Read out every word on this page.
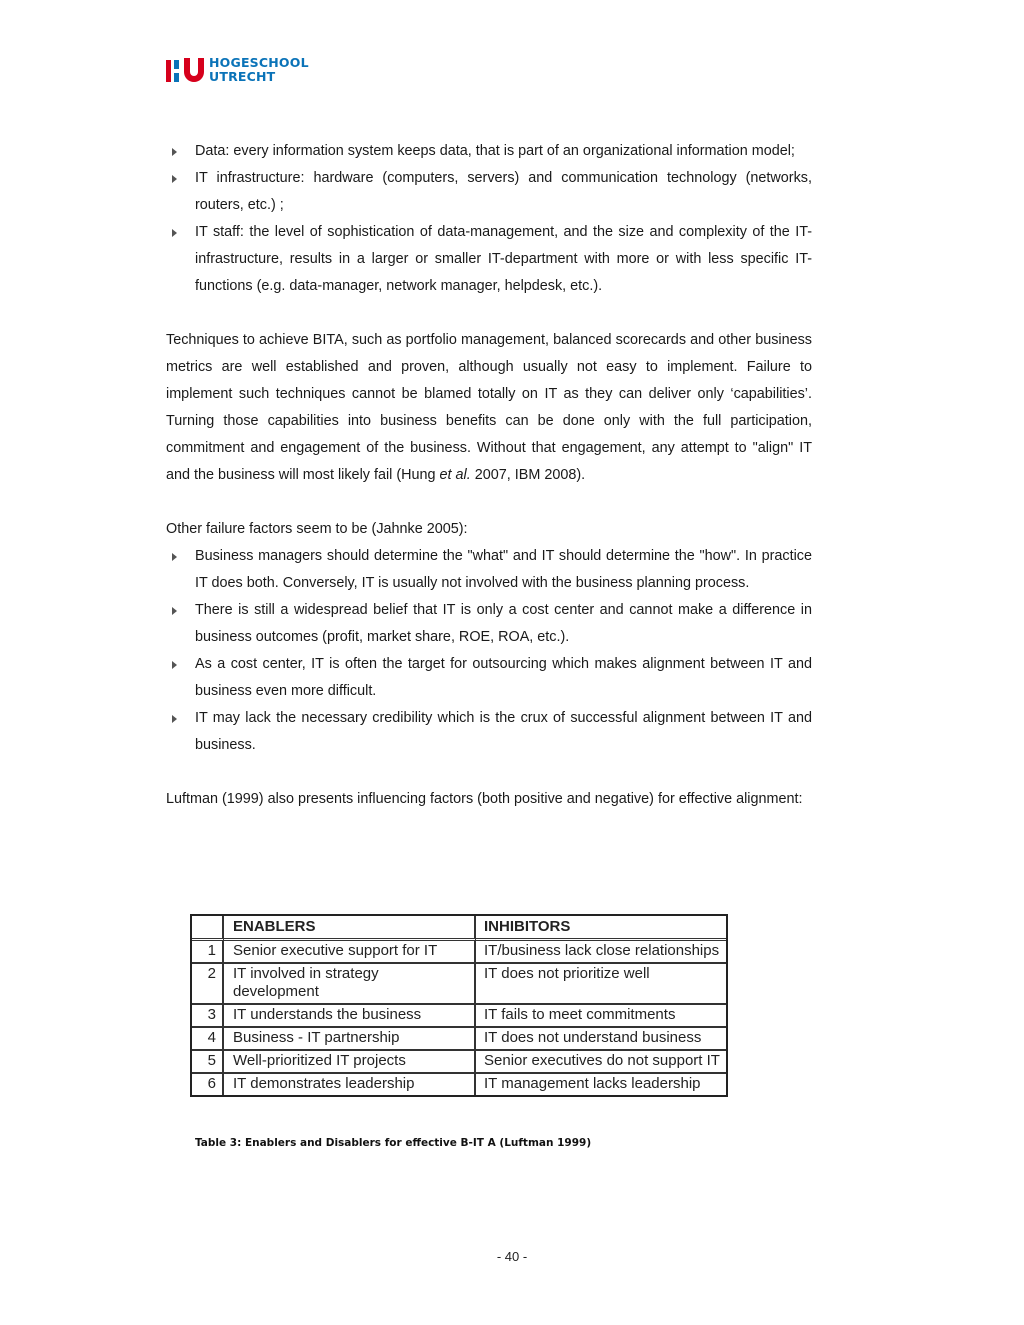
HOGESCHOOL
UTRECHT
Data: every information system keeps data, that is part of an organizational information model;
IT infrastructure: hardware (computers, servers) and communication technology (networks, routers, etc.) ;
IT staff: the level of sophistication of data-management, and the size and complexity of the IT-infrastructure, results in a larger or smaller IT-department with more or with less specific IT-functions (e.g. data-manager, network manager, helpdesk, etc.).

Techniques to achieve BITA, such as portfolio management, balanced scorecards and other business metrics are well established and proven, although usually not easy to implement. Failure to implement such techniques cannot be blamed totally on IT as they can deliver only ‘capabilities’. Turning those capabilities into business benefits can be done only with the full participation, commitment and engagement of the business. Without that engagement, any attempt to "align" IT and the business will most likely fail (Hung et al. 2007, IBM 2008).

Other failure factors seem to be (Jahnke 2005):

Business managers should determine the "what" and IT should determine the "how". In practice IT does both. Conversely, IT is usually not involved with the business planning process.
There is still a widespread belief that IT is only a cost center and cannot make a difference in business outcomes (profit, market share, ROE, ROA, etc.).
As a cost center, IT is often the target for outsourcing which makes alignment between IT and business even more difficult.
IT may lack the necessary credibility which is the crux of successful alignment between IT and business.

Luftman (1999) also presents influencing factors (both positive and negative) for effective alignment:

	ENABLERS	INHIBITORS
1	Senior executive support for IT	IT/business lack close relationships
2	IT involved in strategy development	IT does not prioritize well
3	IT understands the business	IT fails to meet commitments
4	Business - IT partnership	IT does not understand business
5	Well-prioritized IT projects	Senior executives do not support IT
6	IT demonstrates leadership	IT management lacks leadership
Table 3: Enablers and Disablers for effective B-IT A (Luftman 1999)
- 40 -
